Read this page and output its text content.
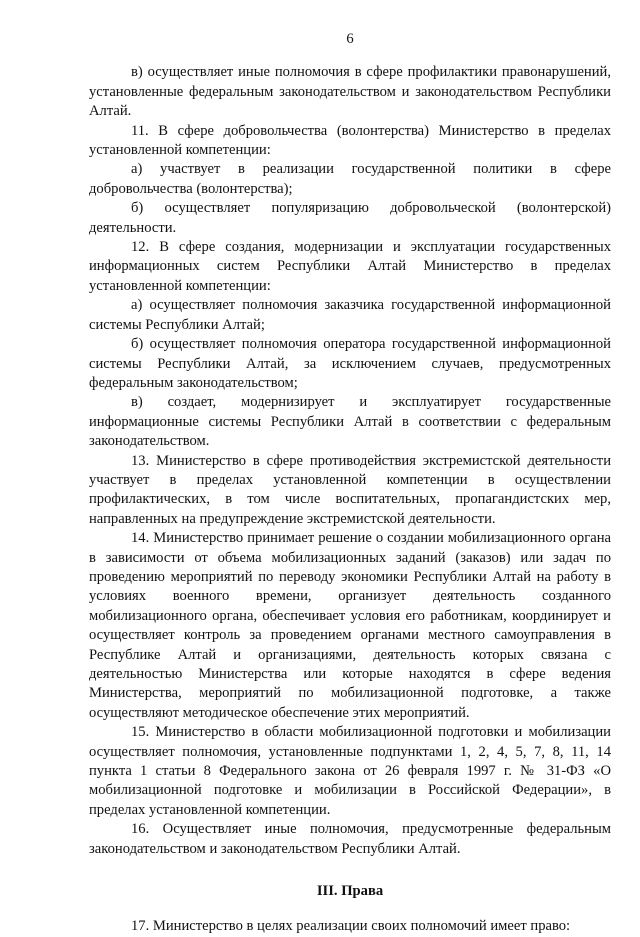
6

в) осуществляет иные полномочия в сфере профилактики правонарушений, установленные федеральным законодательством и законодательством Республики Алтай.

11. В сфере добровольчества (волонтерства) Министерство в пределах установленной компетенции:

а) участвует в реализации государственной политики в сфере добровольчества (волонтерства);

б) осуществляет популяризацию добровольческой (волонтерской) деятельности.

12. В сфере создания, модернизации и эксплуатации государственных информационных систем Республики Алтай Министерство в пределах установленной компетенции:

а) осуществляет полномочия заказчика государственной информационной системы Республики Алтай;

б) осуществляет полномочия оператора государственной информационной системы Республики Алтай, за исключением случаев, предусмотренных федеральным законодательством;

в) создает, модернизирует и эксплуатирует государственные информационные системы Республики Алтай в соответствии с федеральным законодательством.

13. Министерство в сфере противодействия экстремистской деятельности участвует в пределах установленной компетенции в осуществлении профилактических, в том числе воспитательных, пропагандистских мер, направленных на предупреждение экстремистской деятельности.

14. Министерство принимает решение о создании мобилизационного органа в зависимости от объема мобилизационных заданий (заказов) или задач по проведению мероприятий по переводу экономики Республики Алтай на работу в условиях военного времени, организует деятельность созданного мобилизационного органа, обеспечивает условия его работникам, координирует и осуществляет контроль за проведением органами местного самоуправления в Республике Алтай и организациями, деятельность которых связана с деятельностью Министерства или которые находятся в сфере ведения Министерства, мероприятий по мобилизационной подготовке, а также осуществляют методическое обеспечение этих мероприятий.

15. Министерство в области мобилизационной подготовки и мобилизации осуществляет полномочия, установленные подпунктами 1, 2, 4, 5, 7, 8, 11, 14 пункта 1 статьи 8 Федерального закона от 26 февраля 1997 г. № 31-ФЗ «О мобилизационной подготовке и мобилизации в Российской Федерации», в пределах установленной компетенции.

16. Осуществляет иные полномочия, предусмотренные федеральным законодательством и законодательством Республики Алтай.

III. Права

17. Министерство в целях реализации своих полномочий имеет право:
